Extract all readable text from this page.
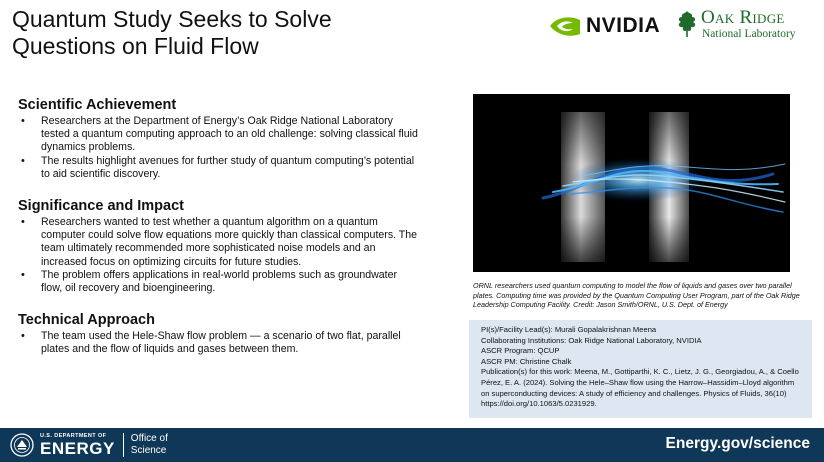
Quantum Study Seeks to Solve Questions on Fluid Flow
NVIDIA Oak Ridge
National Laboratory
Scientific Achievement
• Researchers at the Department of Energy’s Oak Ridge National Laboratory tested a quantum computing approach to an old challenge: solving classical fluid dynamics problems.
• The results highlight avenues for further study of quantum computing’s potential to aid scientific discovery.
Significance and Impact
• Researchers wanted to test whether a quantum algorithm on a quantum computer could solve flow equations more quickly than classical computers. The team ultimately recommended more sophisticated noise models and an increased focus on optimizing circuits for future studies.
• The problem offers applications in real-world problems such as groundwater flow, oil recovery and bioengineering.
Technical Approach
• The team used the Hele-Shaw flow problem — a scenario of two flat, parallel plates and the flow of liquids and gases between them.
ORNL researchers used quantum computing to model the flow of liquids and gases over two parallel plates. Computing time was provided by the Quantum Computing User Program, part of the Oak Ridge Leadership Computing Facility. Credit: Jason Smith/ORNL, U.S. Dept. of Energy

PI(s)/Facility Lead(s): Murali Gopalakrishnan Meena

Collaborating Institutions: Oak Ridge National Laboratory, NVIDIA

ASCR Program: QCUP

ASCR PM: Christine Chalk

Publication(s) for this work: Meena, M., Gottiparthi, K. C., Lietz, J. G., Georgiadou, A., & Coello Pérez, E. A. (2024). Solving the Hele–Shaw flow using the Harrow–Hassidim–Lloyd algorithm on superconducting devices: A study of efficiency and challenges. Physics of Fluids, 36(10) https://doi.org/10.1063/5.0231929.

U.S. DEPARTMENT OF
ENERGY
Office of
Science	Energy.gov/science
